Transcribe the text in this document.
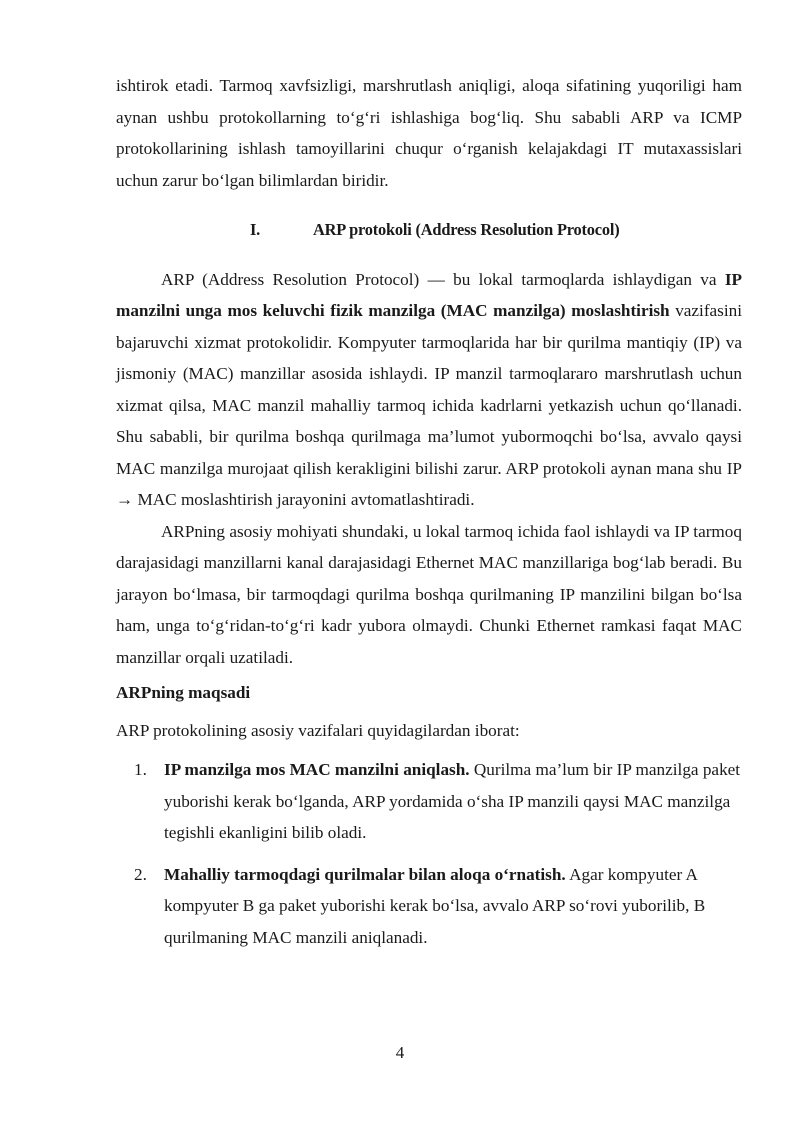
ishtirok etadi. Tarmoq xavfsizligi, marshrutlash aniqligi, aloqa sifatining yuqoriligi ham aynan ushbu protokollarning to‘g‘ri ishlashiga bog‘liq. Shu sababli ARP va ICMP protokollarining ishlash tamoyillarini chuqur o‘rganish kelajakdagi IT mutaxassislari uchun zarur bo‘lgan bilimlardan biridir.

I.	ARP protokoli (Address Resolution Protocol)

ARP (Address Resolution Protocol) — bu lokal tarmoqlarda ishlaydigan va IP manzilni unga mos keluvchi fizik manzilga (MAC manzilga) moslashtirish vazifasini bajaruvchi xizmat protokolidir. Kompyuter tarmoqlarida har bir qurilma mantiqiy (IP) va jismoniy (MAC) manzillar asosida ishlaydi. IP manzil tarmoqlararo marshrutlash uchun xizmat qilsa, MAC manzil mahalliy tarmoq ichida kadrlarni yetkazish uchun qo‘llanadi. Shu sababli, bir qurilma boshqa qurilmaga ma’lumot yubormoqchi bo‘lsa, avvalo qaysi MAC manzilga murojaat qilish kerakligini bilishi zarur. ARP protokoli aynan mana shu IP → MAC moslashtirish jarayonini avtomatlashtiradi.

ARPning asosiy mohiyati shundaki, u lokal tarmoq ichida faol ishlaydi va IP tarmoq darajasidagi manzillarni kanal darajasidagi Ethernet MAC manzillariga bog‘lab beradi. Bu jarayon bo‘lmasa, bir tarmoqdagi qurilma boshqa qurilmaning IP manzilini bilgan bo‘lsa ham, unga to‘g‘ridan-to‘g‘ri kadr yubora olmaydi. Chunki Ethernet ramkasi faqat MAC manzillar orqali uzatiladi.

ARPning maqsadi

ARP protokolining asosiy vazifalari quyidagilardan iborat:

1. IP manzilga mos MAC manzilni aniqlash. Qurilma ma’lum bir IP manzilga paket yuborishi kerak bo‘lganda, ARP yordamida o‘sha IP manzili qaysi MAC manzilga tegishli ekanligini bilib oladi.
2. Mahalliy tarmoqdagi qurilmalar bilan aloqa o‘rnatish. Agar kompyuter A kompyuter B ga paket yuborishi kerak bo‘lsa, avvalo ARP so‘rovi yuborilib, B qurilmaning MAC manzili aniqlanadi.
4
